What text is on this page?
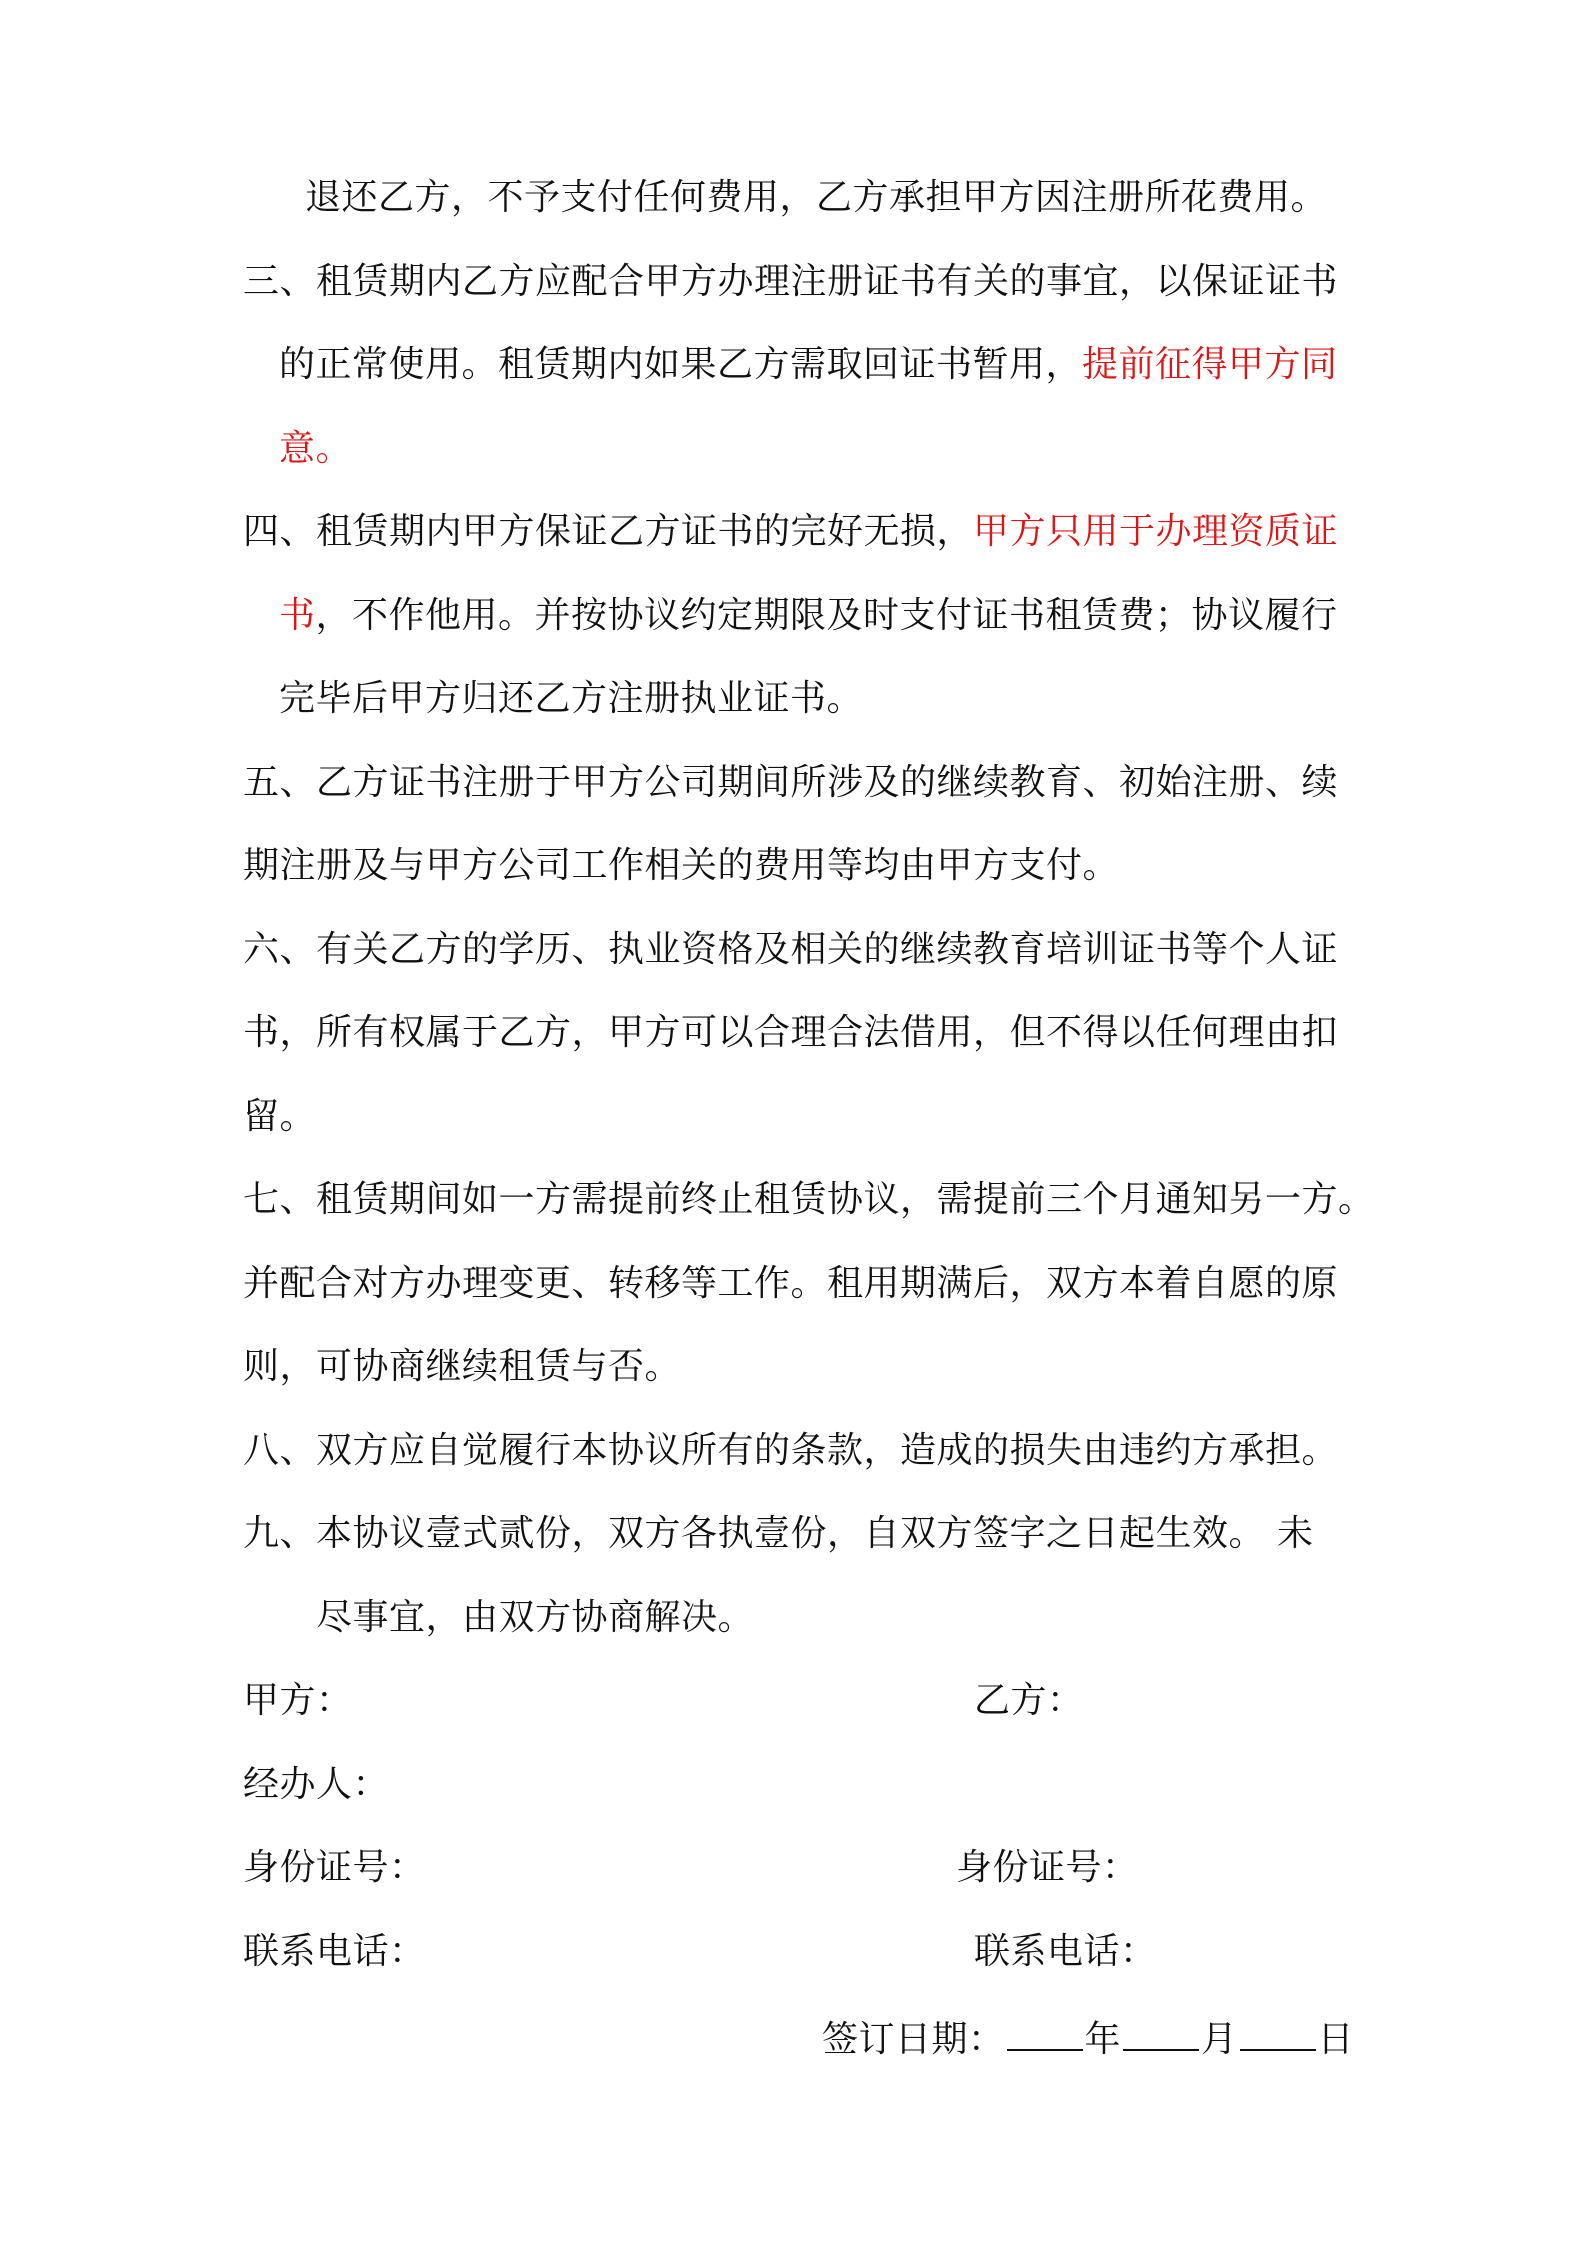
退还乙方，不予支付任何费用，乙方承担甲方因注册所花费用。
三、租赁期内乙方应配合甲方办理注册证书有关的事宜，以保证证书
的正常使用。租赁期内如果乙方需取回证书暂用，提前征得甲方同
意。
四、租赁期内甲方保证乙方证书的完好无损，甲方只用于办理资质证
书，不作他用。并按协议约定期限及时支付证书租赁费；协议履行
完毕后甲方归还乙方注册执业证书。
五、乙方证书注册于甲方公司期间所涉及的继续教育、初始注册、续
期注册及与甲方公司工作相关的费用等均由甲方支付。
六、有关乙方的学历、执业资格及相关的继续教育培训证书等个人证
书，所有权属于乙方，甲方可以合理合法借用，但不得以任何理由扣
留。
七、租赁期间如一方需提前终止租赁协议，需提前三个月通知另一方。
并配合对方办理变更、转移等工作。租用期满后，双方本着自愿的原
则，可协商继续租赁与否。
八、双方应自觉履行本协议所有的条款，造成的损失由违约方承担。
九、本协议壹式贰份，双方各执壹份，自双方签字之日起生效。 未
尽事宜，由双方协商解决。
甲方：	乙方：
经办人：
身份证号：	身份证号：
联系电话：	联系电话：
签订日期： 年 月 日
